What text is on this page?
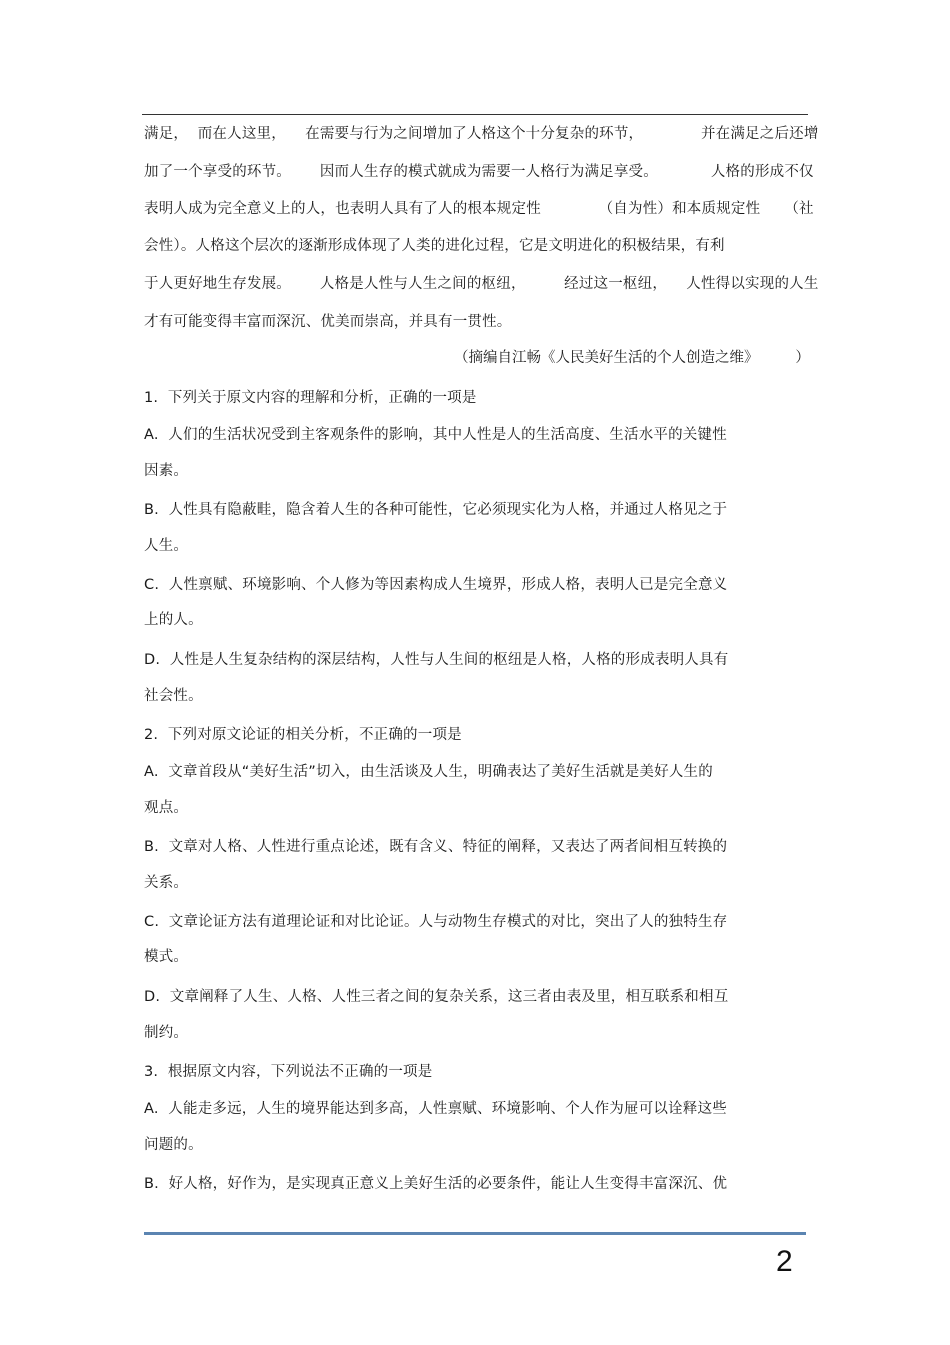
满足，  而在人这里，    在需要与行为之间增加了人格这个十分复杂的环节，            并在满足之后还增
加了一个享受的环节。      因而人生存的模式就成为需要一人格行为满足享受。           人格的形成不仅
表明人成为完全意义上的人，也表明人具有了人的根本规定性            （自为性）和本质规定性     （社
会性）。人格这个层次的逐渐形成体现了人类的进化过程，它是文明进化的积极结果，有利
于人更好地生存发展。      人格是人性与人生之间的枢纽，        经过这一枢纽，    人性得以实现的人生
才有可能变得丰富而深沉、优美而崇高，并具有一贯性。
（摘编自江畅《人民美好生活的个人创造之维》        ）
1.  下列关于原文内容的理解和分析，正确的一项是
A.  人们的生活状况受到主客观条件的影响，其中人性是人的生活高度、生活水平的关键性
因素。
B.  人性具有隐蔽畦，隐含着人生的各种可能性，它必须现实化为人格，并通过人格见之于
人生。
C.  人性禀赋、环境影响、个人修为等因素构成人生境界，形成人格，表明人已是完全意义
上的人。
D.  人性是人生复杂结构的深层结构，人性与人生间的枢纽是人格，人格的形成表明人具有
社会性。
2.  下列对原文论证的相关分析，不正确的一项是
A.  文章首段从“美好生活”切入，由生活谈及人生，明确表达了美好生活就是美好人生的
观点。
B.  文章对人格、人性进行重点论述，既有含义、特征的阐释，又表达了两者间相互转换的
关系。
C.  文章论证方法有道理论证和对比论证。人与动物生存模式的对比，突出了人的独特生存
模式。
D.  文章阐释了人生、人格、人性三者之间的复杂关系，这三者由表及里，相互联系和相互
制约。
3.  根据原文内容，下列说法不正确的一项是
A.  人能走多远，人生的境界能达到多高，人性禀赋、环境影响、个人作为屉可以诠释这些
问题的。
B.  好人格，好作为，是实现真正意义上美好生活的必要条件，能让人生变得丰富深沉、优
2
